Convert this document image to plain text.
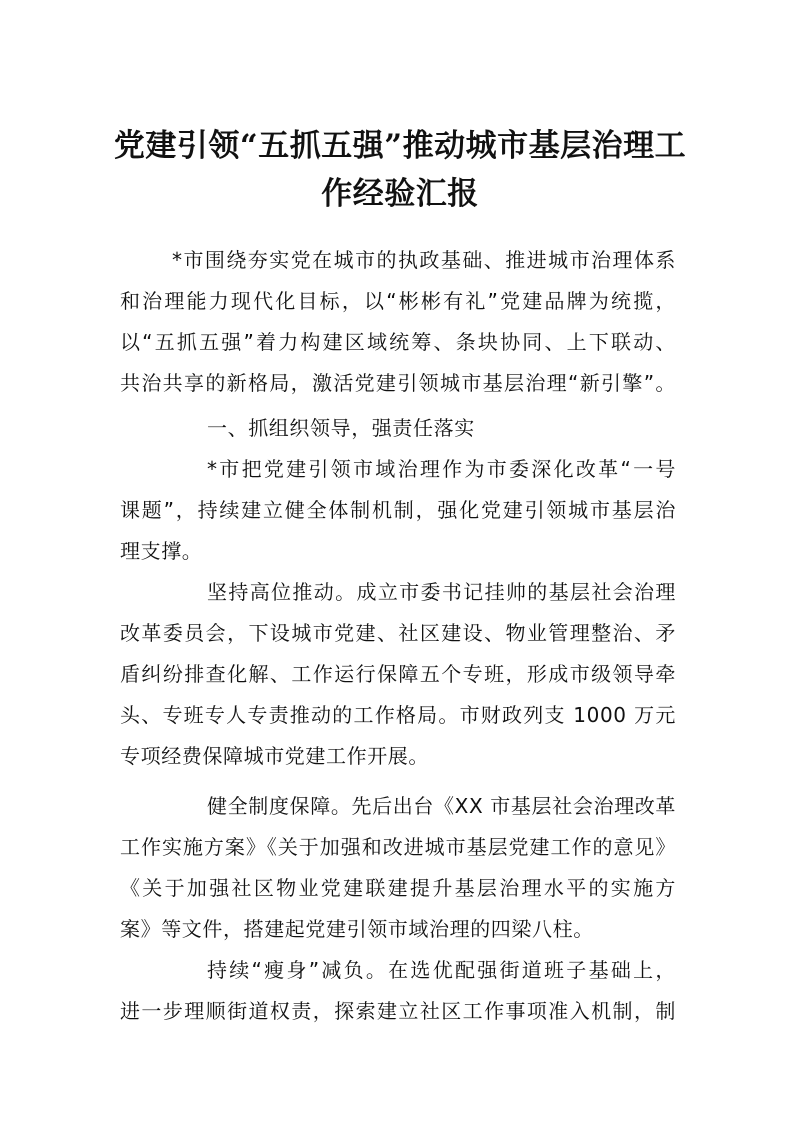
党建引领“五抓五强”推动城市基层治理工
作经验汇报
*市围绕夯实党在城市的执政基础、推进城市治理体系
和治理能力现代化目标，以“彬彬有礼”党建品牌为统揽，
以“五抓五强”着力构建区域统筹、条块协同、上下联动、
共治共享的新格局，激活党建引领城市基层治理“新引擎”。
一、抓组织领导，强责任落实
*市把党建引领市域治理作为市委深化改革“一号
课题”，持续建立健全体制机制，强化党建引领城市基层治
理支撑。
坚持高位推动。成立市委书记挂帅的基层社会治理
改革委员会，下设城市党建、社区建设、物业管理整治、矛
盾纠纷排查化解、工作运行保障五个专班，形成市级领导牵
头、专班专人专责推动的工作格局。市财政列支 1000 万元
专项经费保障城市党建工作开展。
健全制度保障。先后出台《XX 市基层社会治理改革
工作实施方案》《关于加强和改进城市基层党建工作的意见》
《关于加强社区物业党建联建提升基层治理水平的实施方
案》等文件，搭建起党建引领市域治理的四梁八柱。
持续“瘦身”减负。在选优配强街道班子基础上，
进一步理顺街道权责，探索建立社区工作事项准入机制，制
